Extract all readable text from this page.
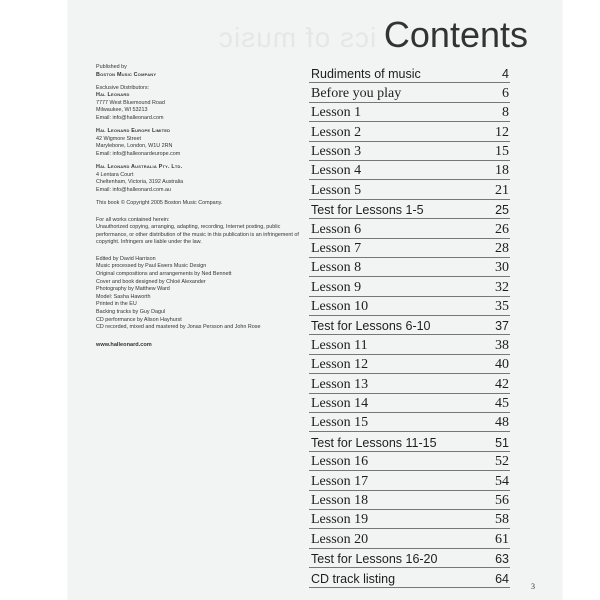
ics of music

Published by
Boston Music Company

Exclusive Distributors:
Hal Leonard
7777 West Bluemound Road
Milwaukee, WI 53213
Email: info@halleonard.com

Hal Leonard Europe Limited
42 Wigmore Street
Marylebone, London, W1U 2RN
Email: info@halleonardeurope.com

Hal Leonard Australia Pty. Ltd.
4 Lentara Court
Cheltenham, Victoria, 3192 Australia
Email: info@halleonard.com.au

This book © Copyright 2005 Boston Music Company.

For all works contained herein:
Unauthorized copying, arranging, adapting, recording, Internet posting, public performance, or other distribution of the music in this publication is an infringement of copyright. Infringers are liable under the law.

Edited by David Harrison
Music processed by Paul Ewers Music Design
Original compositions and arrangements by Ned Bennett
Cover and book designed by Chloë Alexander
Photography by Matthew Ward
Model: Sasha Haworth
Printed in the EU
Backing tracks by Guy Dagul
CD performance by Alison Hayhurst
CD recorded, mixed and mastered by Jonas Persson and John Rose

www.halleonard.com

Contents
Rudiments of music	4
Before you play	6
Lesson 1	8
Lesson 2	12
Lesson 3	15
Lesson 4	18
Lesson 5	21
Test for Lessons 1-5	25
Lesson 6	26
Lesson 7	28
Lesson 8	30
Lesson 9	32
Lesson 10	35
Test for Lessons 6-10	37
Lesson 11	38
Lesson 12	40
Lesson 13	42
Lesson 14	45
Lesson 15	48
Test for Lessons 11-15	51
Lesson 16	52
Lesson 17	54
Lesson 18	56
Lesson 19	58
Lesson 20	61
Test for Lessons 16-20	63
CD track listing	64
3
